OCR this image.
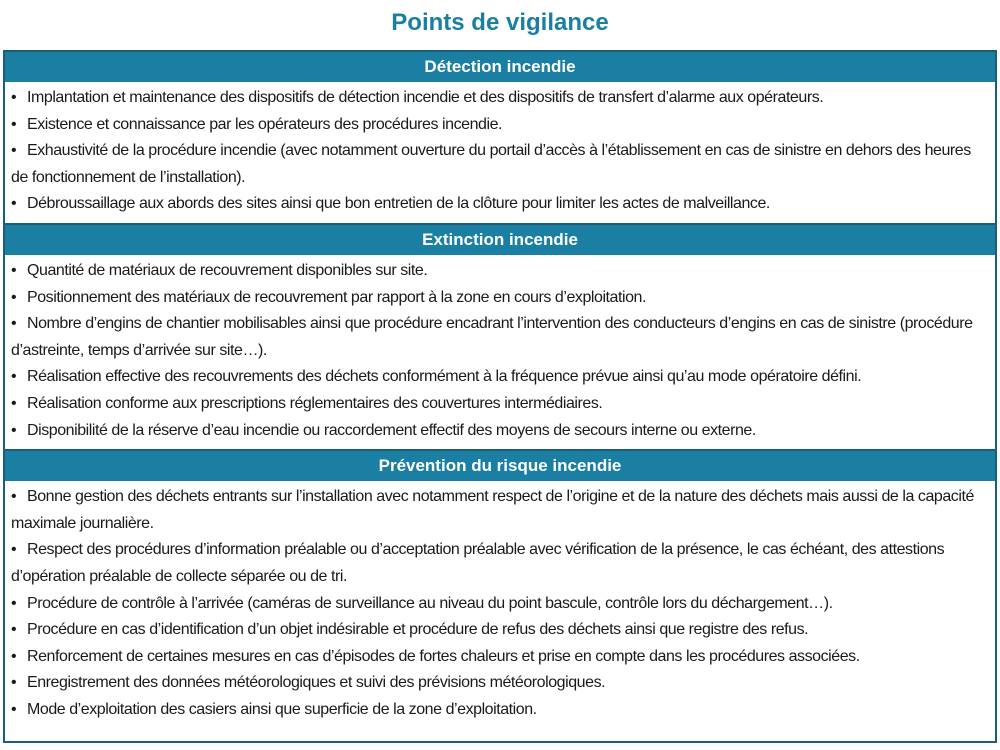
Points de vigilance
Détection incendie

• Implantation et maintenance des dispositifs de détection incendie et des dispositifs de transfert d’alarme aux opérateurs.

• Existence et connaissance par les opérateurs des procédures incendie.

• Exhaustivité de la procédure incendie (avec notamment ouverture du portail d’accès à l’établissement en cas de sinistre en dehors des heures de fonctionnement de l’installation).

• Débroussaillage aux abords des sites ainsi que bon entretien de la clôture pour limiter les actes de malveillance.

Extinction incendie

• Quantité de matériaux de recouvrement disponibles sur site.

• Positionnement des matériaux de recouvrement par rapport à la zone en cours d’exploitation.

• Nombre d’engins de chantier mobilisables ainsi que procédure encadrant l’intervention des conducteurs d’engins en cas de sinistre (procédure d’astreinte, temps d’arrivée sur site…).

• Réalisation effective des recouvrements des déchets conformément à la fréquence prévue ainsi qu’au mode opératoire défini.

• Réalisation conforme aux prescriptions réglementaires des couvertures intermédiaires.

• Disponibilité de la réserve d’eau incendie ou raccordement effectif des moyens de secours interne ou externe.

Prévention du risque incendie

• Bonne gestion des déchets entrants sur l’installation avec notamment respect de l’origine et de la nature des déchets mais aussi de la capacité maximale journalière.

• Respect des procédures d’information préalable ou d’acceptation préalable avec vérification de la présence, le cas échéant, des attestions d’opération préalable de collecte séparée ou de tri.

• Procédure de contrôle à l’arrivée (caméras de surveillance au niveau du point bascule, contrôle lors du déchargement…).

• Procédure en cas d’identification d’un objet indésirable et procédure de refus des déchets ainsi que registre des refus.

• Renforcement de certaines mesures en cas d’épisodes de fortes chaleurs et prise en compte dans les procédures associées.

• Enregistrement des données météorologiques et suivi des prévisions météorologiques.

• Mode d’exploitation des casiers ainsi que superficie de la zone d’exploitation.
